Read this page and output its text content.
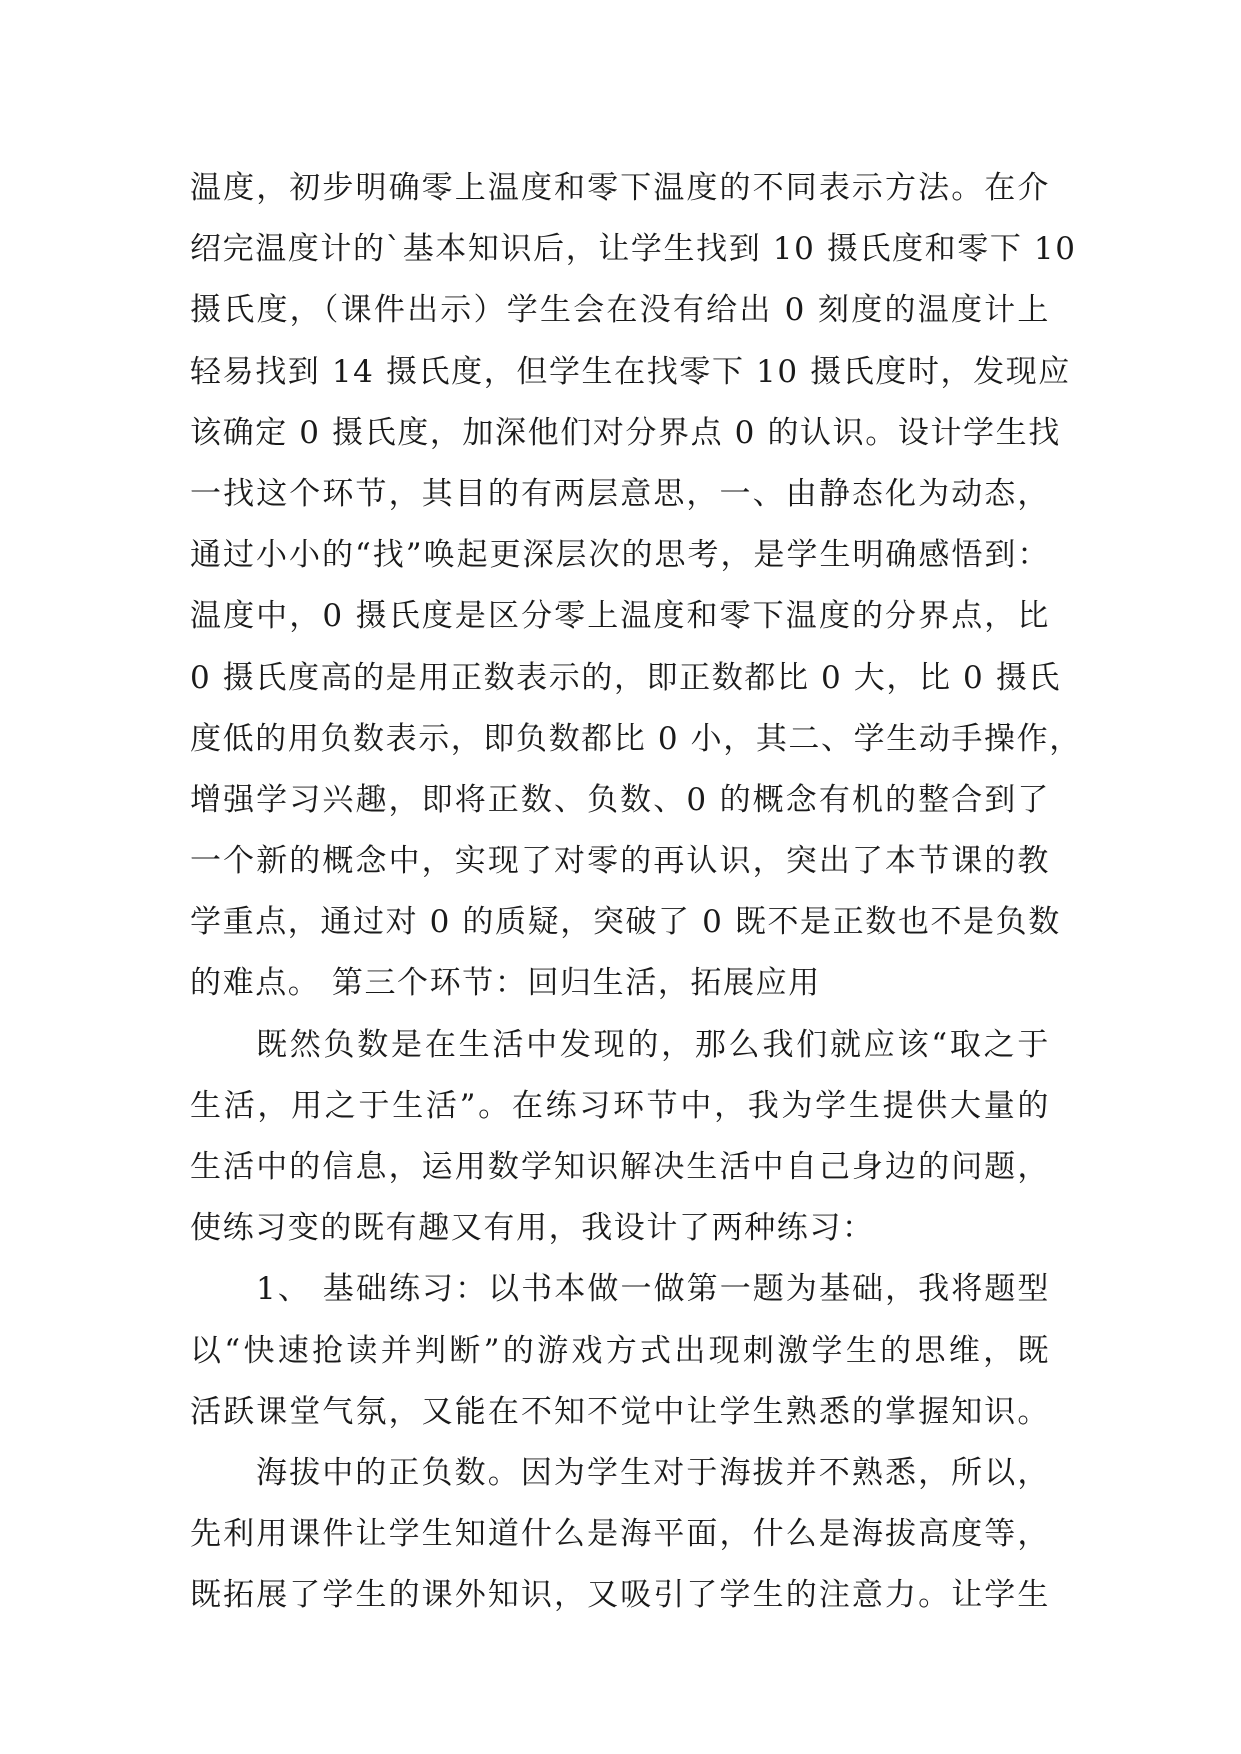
温度，初步明确零上温度和零下温度的不同表示方法。在介
绍完温度计的`基本知识后，让学生找到 10 摄氏度和零下 10
摄氏度，（课件出示）学生会在没有给出 0 刻度的温度计上
轻易找到 14 摄氏度，但学生在找零下 10 摄氏度时，发现应
该确定 0 摄氏度，加深他们对分界点 0 的认识。设计学生找
一找这个环节，其目的有两层意思，一、由静态化为动态，
通过小小的“找”唤起更深层次的思考，是学生明确感悟到：
温度中，0 摄氏度是区分零上温度和零下温度的分界点，比
0 摄氏度高的是用正数表示的，即正数都比 0 大，比 0 摄氏
度低的用负数表示，即负数都比 0 小，其二、学生动手操作，
增强学习兴趣，即将正数、负数、0 的概念有机的整合到了
一个新的概念中，实现了对零的再认识，突出了本节课的教
学重点，通过对 0 的质疑，突破了 0 既不是正数也不是负数
的难点。 第三个环节：回归生活，拓展应用
既然负数是在生活中发现的，那么我们就应该“取之于
生活，用之于生活”。在练习环节中，我为学生提供大量的
生活中的信息，运用数学知识解决生活中自己身边的问题，
使练习变的既有趣又有用，我设计了两种练习：
1、 基础练习：以书本做一做第一题为基础，我将题型
以“快速抢读并判断”的游戏方式出现刺激学生的思维，既
活跃课堂气氛，又能在不知不觉中让学生熟悉的掌握知识。
海拔中的正负数。因为学生对于海拔并不熟悉，所以，
先利用课件让学生知道什么是海平面，什么是海拔高度等，
既拓展了学生的课外知识，又吸引了学生的注意力。让学生
